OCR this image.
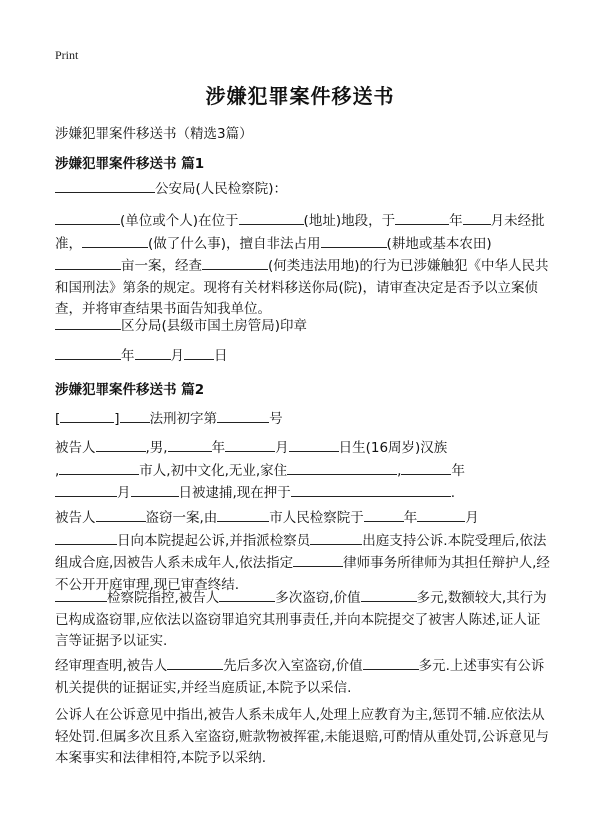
Print
涉嫌犯罪案件移送书
涉嫌犯罪案件移送书（精选3篇）
涉嫌犯罪案件移送书 篇1
公安局(人民检察院)：

(单位或个人)在位于	(地址)地段，于	年 月未经批准，	(做了什么事)，擅自非法占用	(耕地或基本农田)亩一案，经查	(何类违法用地)的行为已涉嫌触犯《中华人民共和国刑法》第条的规定。现将有关材料移送你局(院)，请审查决定是否予以立案侦查，并将审查结果书面告知我单位。

区分局(县级市国土房管局)印章
年	月 日
涉嫌犯罪案件移送书 篇2
[	] 法刑初字第	号

被告人	,男,	年	月	日生(16周岁)汉族
,	市人,初中文化,无业,家住	,	年
月	日被逮捕,现在押于	.

被告人	盗窃一案,由	市人民检察院于	年	月
日向本院提起公诉,并指派检察员	出庭支持公诉.本院受理后,依法组成合庭,因被告人系未成年人,依法指定	律师事务所律师为其担任辩护人,经不公开开庭审理,现已审查终结.

检察院指控,被告人	多次盗窃,价值	多元,数额较大,其行为已构成盗窃罪,应依法以盗窃罪追究其刑事责任,并向本院提交了被害人陈述,证人证言等证据予以证实.

经审理查明,被告人	先后多次入室盗窃,价值	多元.上述事实有公诉机关提供的证据证实,并经当庭质证,本院予以采信.

公诉人在公诉意见中指出,被告人系未成年人,处理上应教育为主,惩罚不辅.应依法从轻处罚.但属多次且系入室盗窃,赃款物被挥霍,未能退赔,可酌情从重处罚,公诉意见与本案事实和法律相符,本院予以采纳.
